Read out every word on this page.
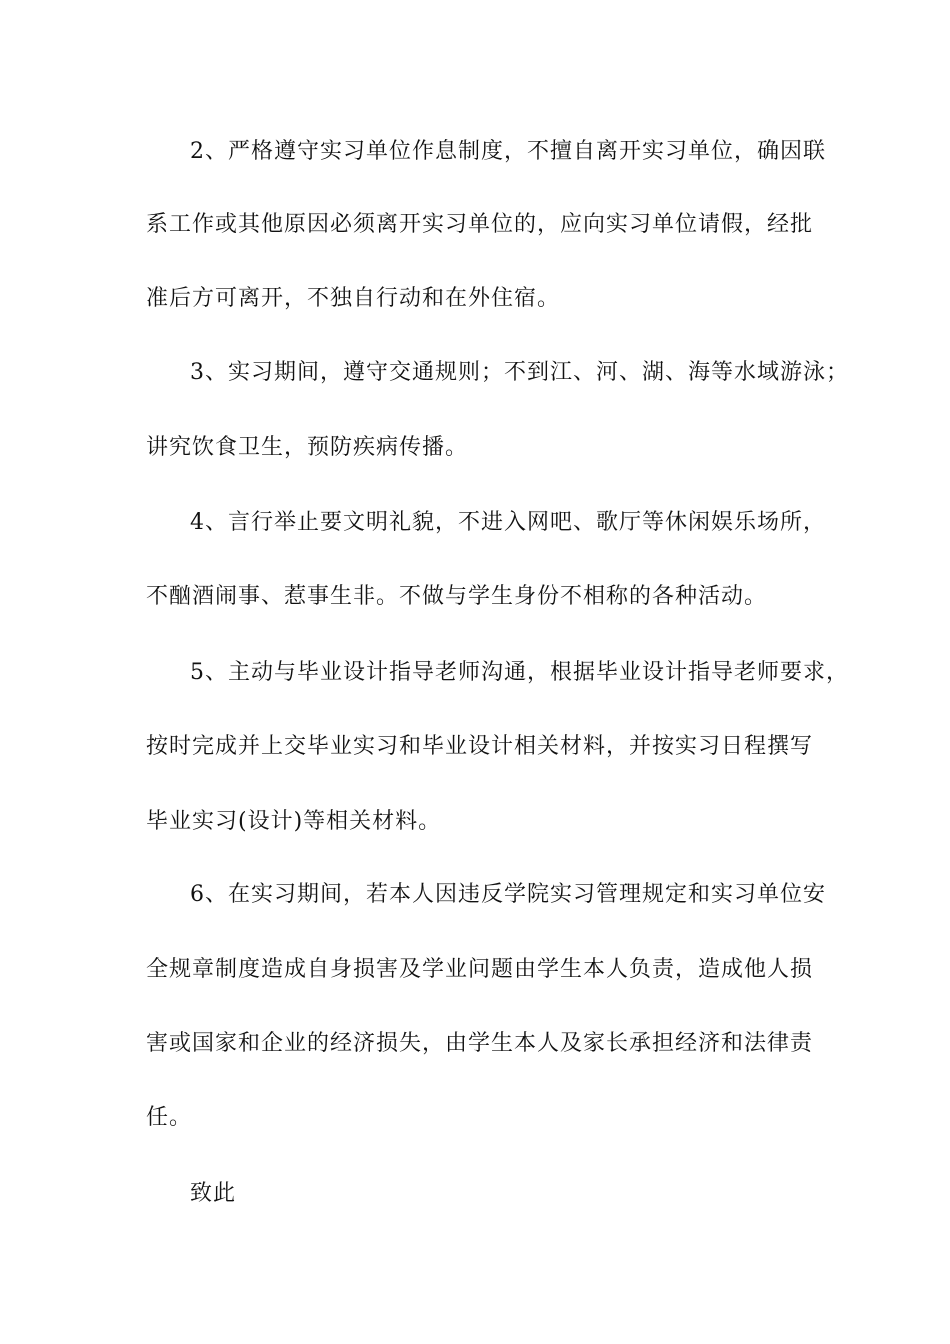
2、严格遵守实习单位作息制度，不擅自离开实习单位，确因联
系工作或其他原因必须离开实习单位的，应向实习单位请假，经批
准后方可离开，不独自行动和在外住宿。
3、实习期间，遵守交通规则；不到江、河、湖、海等水域游泳；
讲究饮食卫生，预防疾病传播。
4、言行举止要文明礼貌，不进入网吧、歌厅等休闲娱乐场所，
不酗酒闹事、惹事生非。不做与学生身份不相称的各种活动。
5、主动与毕业设计指导老师沟通，根据毕业设计指导老师要求，
按时完成并上交毕业实习和毕业设计相关材料，并按实习日程撰写
毕业实习(设计)等相关材料。
6、在实习期间，若本人因违反学院实习管理规定和实习单位安
全规章制度造成自身损害及学业问题由学生本人负责，造成他人损
害或国家和企业的经济损失，由学生本人及家长承担经济和法律责
任。
致此
